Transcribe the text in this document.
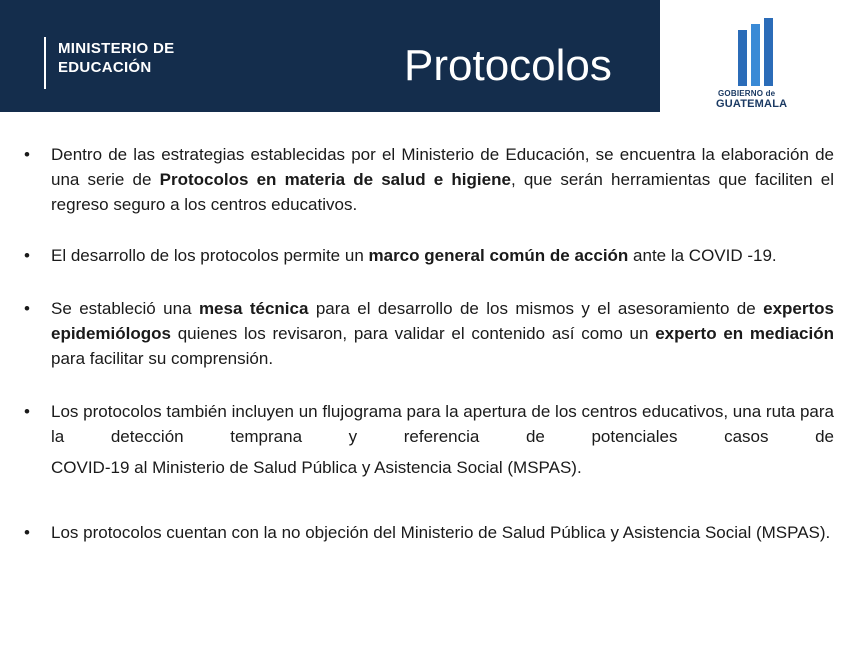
MINISTERIO DE
EDUCACIÓN	Protocolos
GOBIERNO de
GUATEMALA
• Dentro de las estrategias establecidas por el Ministerio de Educación, se encuentra la elaboración de una serie de Protocolos en materia de salud e higiene, que serán herramientas que faciliten el regreso seguro a los centros educativos.
• El desarrollo de los protocolos permite un marco general común de acción ante la COVID -19.
• Se estableció una mesa técnica para el desarrollo de los mismos y el asesoramiento de expertos epidemiólogos quienes los revisaron, para validar el contenido así como un experto en mediación para facilitar su comprensión.
• Los protocolos también incluyen un flujograma para la apertura de los centros educativos, una ruta para la detección temprana y referencia de potenciales casos de COVID-19 al Ministerio de Salud Pública y Asistencia Social (MSPAS).
• Los protocolos cuentan con la no objeción del Ministerio de Salud Pública y Asistencia Social (MSPAS).
